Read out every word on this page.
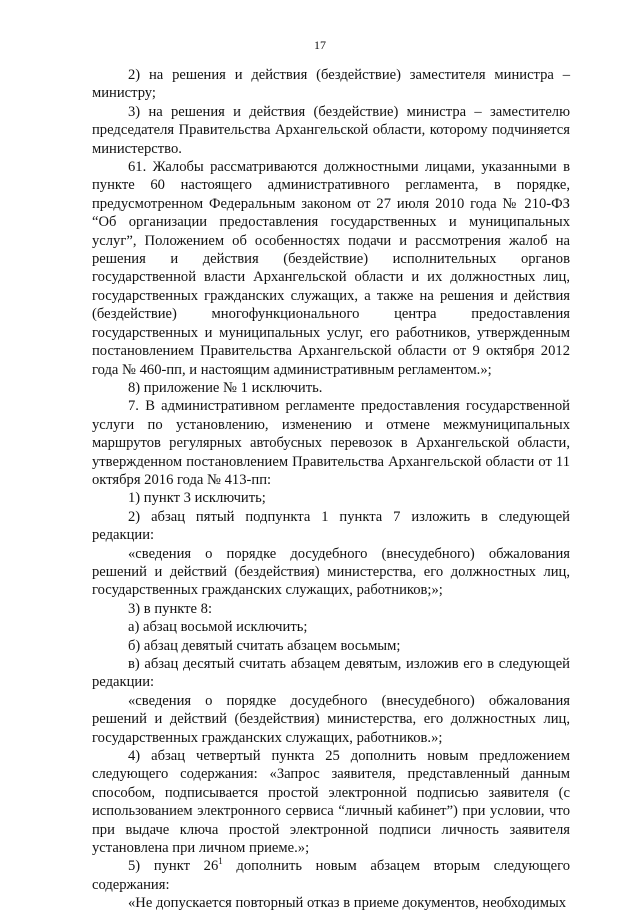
17

2) на решения и действия (бездействие) заместителя министра – министру;

3) на решения и действия (бездействие) министра – заместителю председателя Правительства Архангельской области, которому подчиняется министерство.

61. Жалобы рассматриваются должностными лицами, указанными в пункте 60 настоящего административного регламента, в порядке, предусмотренном Федеральным законом от 27 июля 2010 года № 210-ФЗ “Об организации предоставления государственных и муниципальных услуг”, Положением об особенностях подачи и рассмотрения жалоб на решения и действия (бездействие) исполнительных органов государственной власти Архангельской области и их должностных лиц, государственных гражданских служащих, а также на решения и действия (бездействие) многофункционального центра предоставления государственных и муниципальных услуг, его работников, утвержденным постановлением Правительства Архангельской области от 9 октября 2012 года № 460-пп, и настоящим административным регламентом.»;

8) приложение № 1 исключить.

7. В административном регламенте предоставления государственной услуги по установлению, изменению и отмене межмуниципальных маршрутов регулярных автобусных перевозок в Архангельской области, утвержденном постановлением Правительства Архангельской области от 11 октября 2016 года № 413-пп:

1) пункт 3 исключить;

2) абзац пятый подпункта 1 пункта 7 изложить в следующей редакции:

«сведения о порядке досудебного (внесудебного) обжалования решений и действий (бездействия) министерства, его должностных лиц, государственных гражданских служащих, работников;»;

3) в пункте 8:

а) абзац восьмой исключить;

б) абзац девятый считать абзацем восьмым;

в) абзац десятый считать абзацем девятым, изложив его в следующей редакции:

«сведения о порядке досудебного (внесудебного) обжалования решений и действий (бездействия) министерства, его должностных лиц, государственных гражданских служащих, работников.»;

4) абзац четвертый пункта 25 дополнить новым предложением следующего содержания: «Запрос заявителя, представленный данным способом, подписывается простой электронной подписью заявителя (с использованием электронного сервиса “личный кабинет”) при условии, что при выдаче ключа простой электронной подписи личность заявителя установлена при личном приеме.»;

5) пункт $26^1$ дополнить новым абзацем вторым следующего содержания:

«Не допускается повторный отказ в приеме документов, необходимых
